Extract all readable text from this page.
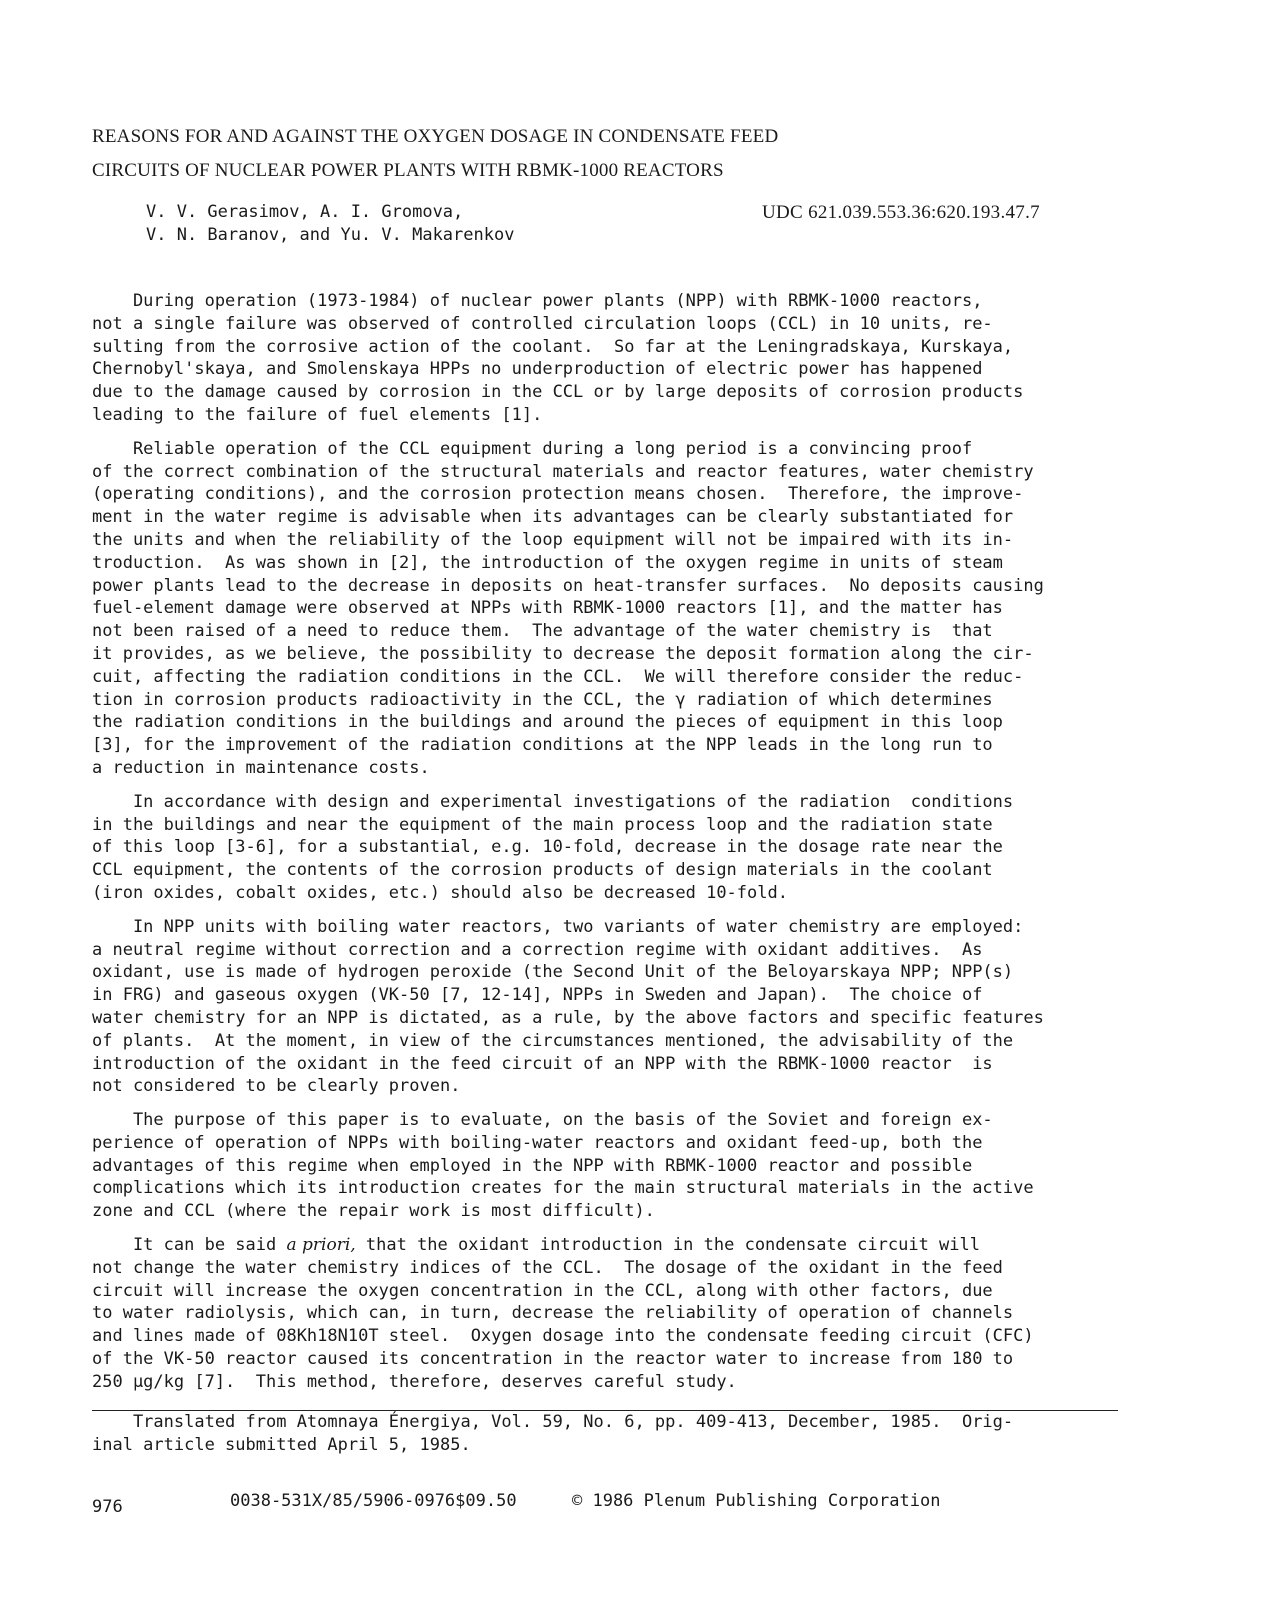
REASONS FOR AND AGAINST THE OXYGEN DOSAGE IN CONDENSATE FEED
CIRCUITS OF NUCLEAR POWER PLANTS WITH RBMK-1000 REACTORS
V. V. Gerasimov, A. I. Gromova,
V. N. Baranov, and Yu. V. Makarenkov
UDC 621.039.553.36:620.193.47.7
During operation (1973-1984) of nuclear power plants (NPP) with RBMK-1000 reactors,
not a single failure was observed of controlled circulation loops (CCL) in 10 units, re-
sulting from the corrosive action of the coolant.  So far at the Leningradskaya, Kurskaya,
Chernobyl'skaya, and Smolenskaya HPPs no underproduction of electric power has happened
due to the damage caused by corrosion in the CCL or by large deposits of corrosion products
leading to the failure of fuel elements [1].
Reliable operation of the CCL equipment during a long period is a convincing proof
of the correct combination of the structural materials and reactor features, water chemistry
(operating conditions), and the corrosion protection means chosen.  Therefore, the improve-
ment in the water regime is advisable when its advantages can be clearly substantiated for
the units and when the reliability of the loop equipment will not be impaired with its in-
troduction.  As was shown in [2], the introduction of the oxygen regime in units of steam
power plants lead to the decrease in deposits on heat-transfer surfaces.  No deposits causing
fuel-element damage were observed at NPPs with RBMK-1000 reactors [1], and the matter has
not been raised of a need to reduce them.  The advantage of the water chemistry is  that
it provides, as we believe, the possibility to decrease the deposit formation along the cir-
cuit, affecting the radiation conditions in the CCL.  We will therefore consider the reduc-
tion in corrosion products radioactivity in the CCL, the γ radiation of which determines
the radiation conditions in the buildings and around the pieces of equipment in this loop
[3], for the improvement of the radiation conditions at the NPP leads in the long run to
a reduction in maintenance costs.
In accordance with design and experimental investigations of the radiation  conditions
in the buildings and near the equipment of the main process loop and the radiation state
of this loop [3-6], for a substantial, e.g. 10-fold, decrease in the dosage rate near the
CCL equipment, the contents of the corrosion products of design materials in the coolant
(iron oxides, cobalt oxides, etc.) should also be decreased 10-fold.
In NPP units with boiling water reactors, two variants of water chemistry are employed:
a neutral regime without correction and a correction regime with oxidant additives.  As
oxidant, use is made of hydrogen peroxide (the Second Unit of the Beloyarskaya NPP; NPP(s)
in FRG) and gaseous oxygen (VK-50 [7, 12-14], NPPs in Sweden and Japan).  The choice of
water chemistry for an NPP is dictated, as a rule, by the above factors and specific features
of plants.  At the moment, in view of the circumstances mentioned, the advisability of the
introduction of the oxidant in the feed circuit of an NPP with the RBMK-1000 reactor  is
not considered to be clearly proven.
The purpose of this paper is to evaluate, on the basis of the Soviet and foreign ex-
perience of operation of NPPs with boiling-water reactors and oxidant feed-up, both the
advantages of this regime when employed in the NPP with RBMK-1000 reactor and possible
complications which its introduction creates for the main structural materials in the active
zone and CCL (where the repair work is most difficult).
It can be said a priori, that the oxidant introduction in the condensate circuit will
not change the water chemistry indices of the CCL.  The dosage of the oxidant in the feed
circuit will increase the oxygen concentration in the CCL, along with other factors, due
to water radiolysis, which can, in turn, decrease the reliability of operation of channels
and lines made of 08Kh18N10T steel.  Oxygen dosage into the condensate feeding circuit (CFC)
of the VK-50 reactor caused its concentration in the reactor water to increase from 180 to
250 μg/kg [7].  This method, therefore, deserves careful study.
Translated from Atomnaya Énergiya, Vol. 59, No. 6, pp. 409-413, December, 1985.  Orig-
inal article submitted April 5, 1985.
976	0038-531X/85/5906-0976$09.50	© 1986 Plenum Publishing Corporation
